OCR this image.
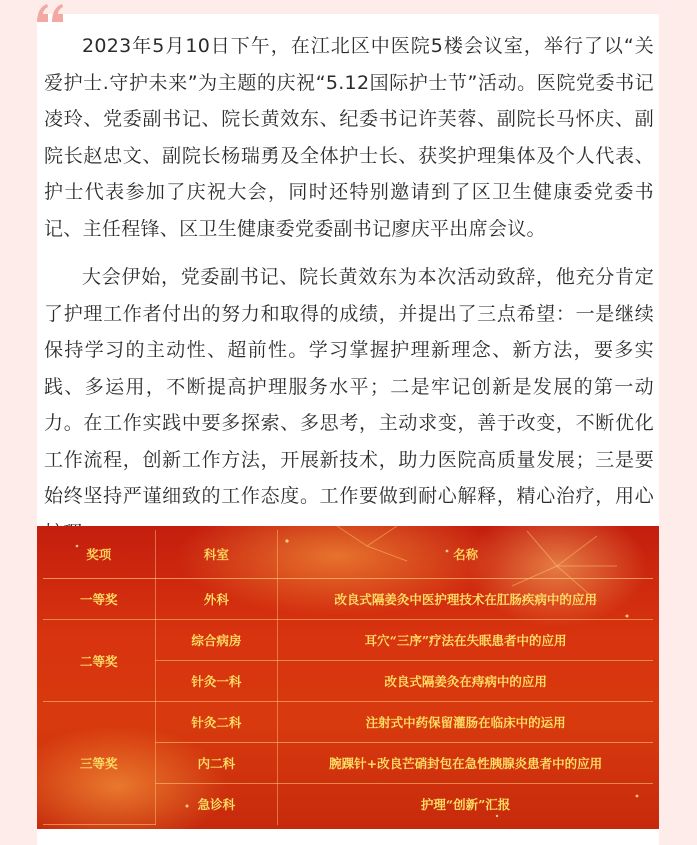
2023年5月10日下午，在江北区中医院5楼会议室，举行了以“关爱护士.守护未来”为主题的庆祝“5.12国际护士节”活动。医院党委书记凌玲、党委副书记、院长黄效东、纪委书记许芙蓉、副院长马怀庆、副院长赵忠文、副院长杨瑞勇及全体护士长、获奖护理集体及个人代表、护士代表参加了庆祝大会，同时还特别邀请到了区卫生健康委党委书记、主任程锋、区卫生健康委党委副书记廖庆平出席会议。

大会伊始，党委副书记、院长黄效东为本次活动致辞，他充分肯定了护理工作者付出的努力和取得的成绩，并提出了三点希望：一是继续保持学习的主动性、超前性。学习掌握护理新理念、新方法，要多实践、多运用，不断提高护理服务水平；二是牢记创新是发展的第一动力。在工作实践中要多探索、多思考，主动求变，善于改变，不断优化工作流程，创新工作方法，开展新技术，助力医院高质量发展；三是要始终坚持严谨细致的工作态度。工作要做到耐心解释，精心治疗，用心

奖项	科室	名称
一等奖	外科	改良式隔姜灸中医护理技术在肛肠疾病中的应用
二等奖	综合病房	耳穴“三序”疗法在失眠患者中的应用
	针灸一科	改良式隔姜灸在痔病中的应用
三等奖	针灸二科	注射式中药保留灌肠在临床中的运用
	内二科	腕踝针+改良芒硝封包在急性胰腺炎患者中的应用
	急诊科	护理“创新”汇报
